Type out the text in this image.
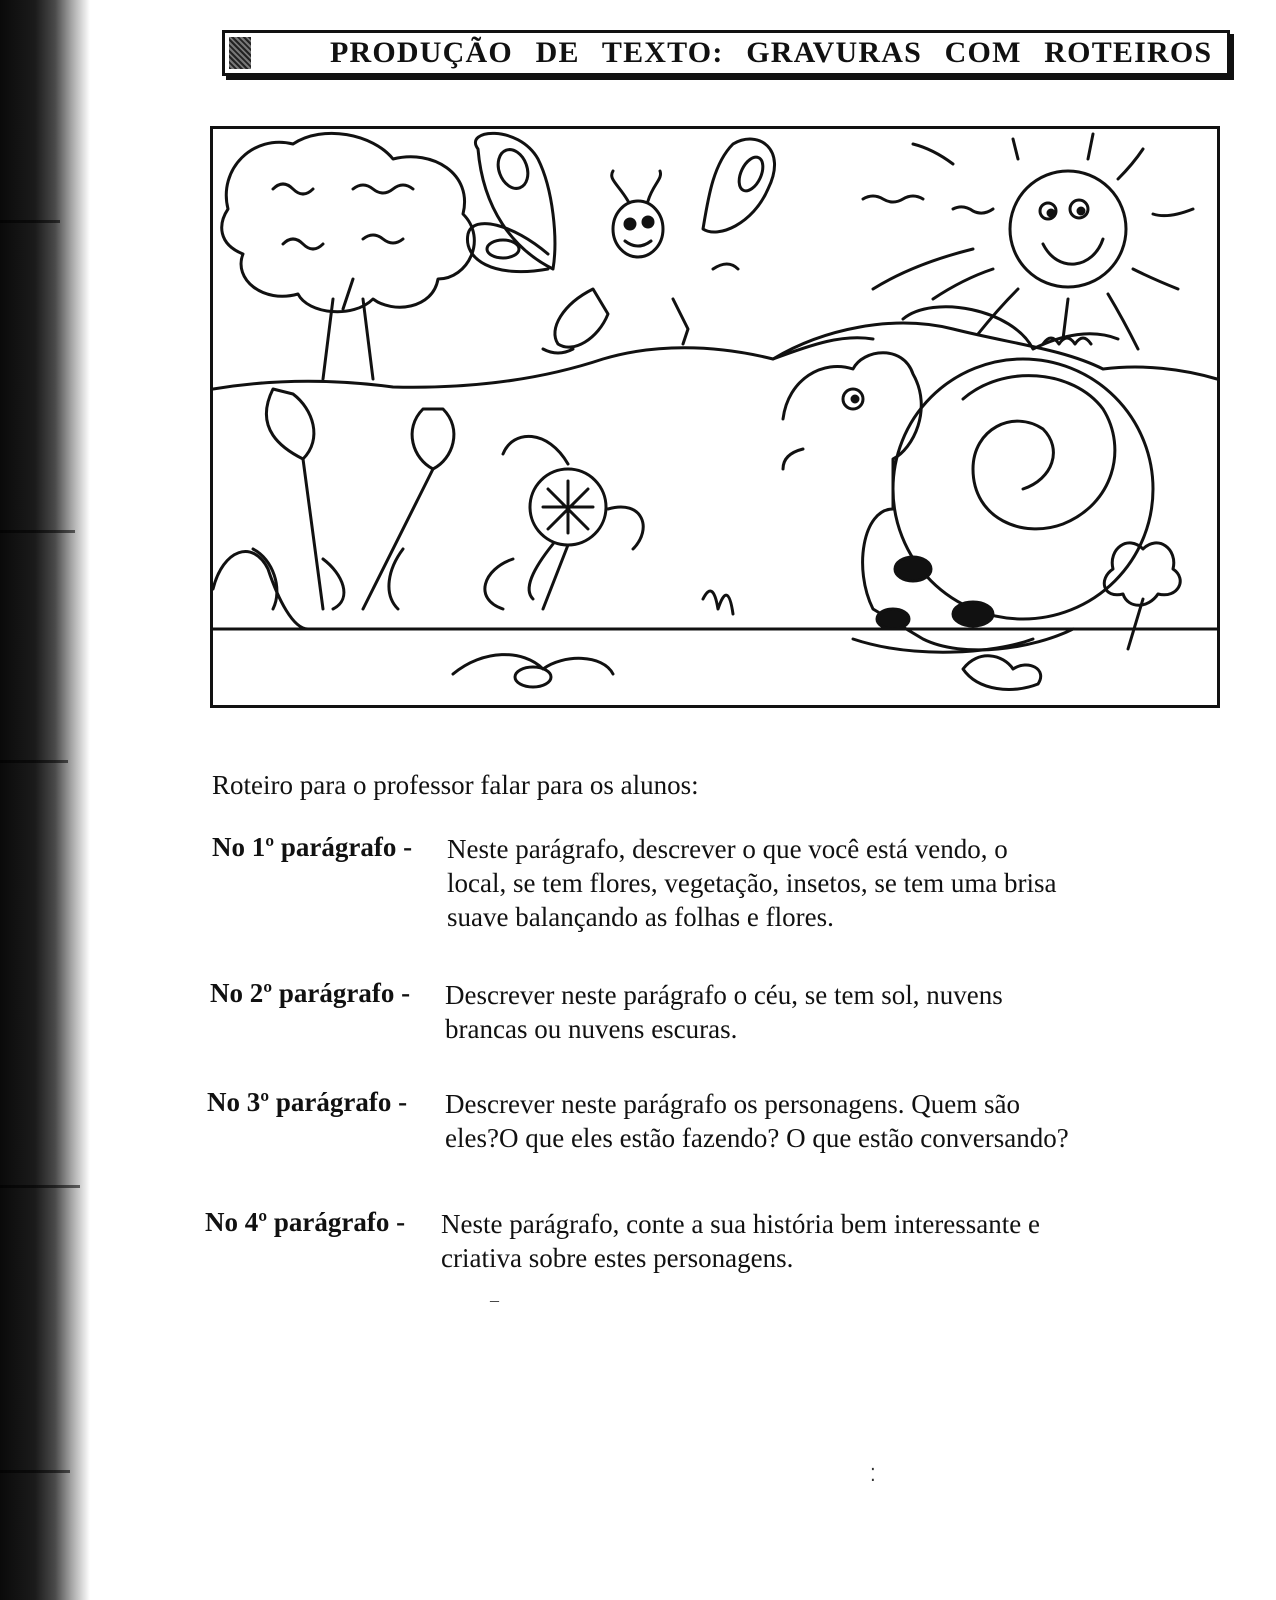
PRODUÇÃO DE TEXTO: GRAVURAS COM ROTEIROS
Roteiro para o professor falar para os alunos:
No 1º parágrafo - Neste parágrafo, descrever o que você está vendo, o
local, se tem flores, vegetação, insetos, se tem uma brisa
suave balançando as folhas e flores.
No 2º parágrafo - Descrever neste parágrafo o céu, se tem sol, nuvens
brancas ou nuvens escuras.
No 3º parágrafo - Descrever neste parágrafo os personagens. Quem são
eles?O que eles estão fazendo? O que estão conversando?
No 4º parágrafo - Neste parágrafo, conte a sua história bem interessante e
criativa sobre estes personagens.
‒
⁚
